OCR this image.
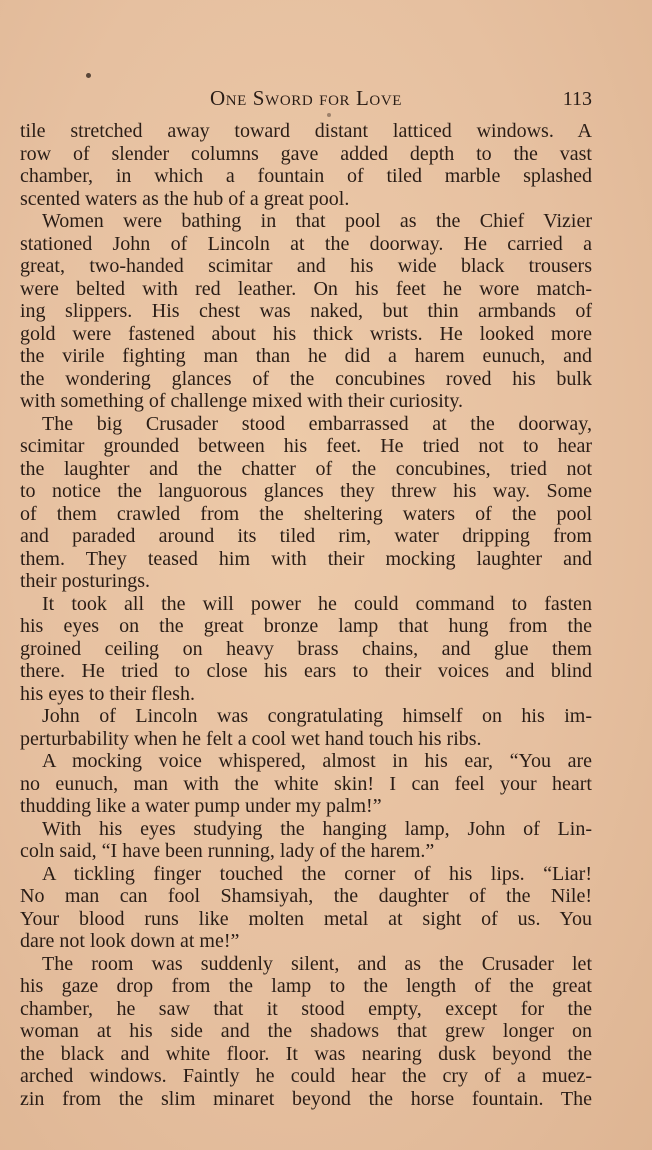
One Sword for Love	113
tile stretched away toward distant latticed windows. A
row of slender columns gave added depth to the vast
chamber, in which a fountain of tiled marble splashed
scented waters as the hub of a great pool.
Women were bathing in that pool as the Chief Vizier
stationed John of Lincoln at the doorway. He carried a
great, two-handed scimitar and his wide black trousers
were belted with red leather. On his feet he wore match-
ing slippers. His chest was naked, but thin armbands of
gold were fastened about his thick wrists. He looked more
the virile fighting man than he did a harem eunuch, and
the wondering glances of the concubines roved his bulk
with something of challenge mixed with their curiosity.
The big Crusader stood embarrassed at the doorway,
scimitar grounded between his feet. He tried not to hear
the laughter and the chatter of the concubines, tried not
to notice the languorous glances they threw his way. Some
of them crawled from the sheltering waters of the pool
and paraded around its tiled rim, water dripping from
them. They teased him with their mocking laughter and
their posturings.
It took all the will power he could command to fasten
his eyes on the great bronze lamp that hung from the
groined ceiling on heavy brass chains, and glue them
there. He tried to close his ears to their voices and blind
his eyes to their flesh.
John of Lincoln was congratulating himself on his im-
perturbability when he felt a cool wet hand touch his ribs.
A mocking voice whispered, almost in his ear, “You are
no eunuch, man with the white skin! I can feel your heart
thudding like a water pump under my palm!”
With his eyes studying the hanging lamp, John of Lin-
coln said, “I have been running, lady of the harem.”
A tickling finger touched the corner of his lips. “Liar!
No man can fool Shamsiyah, the daughter of the Nile!
Your blood runs like molten metal at sight of us. You
dare not look down at me!”
The room was suddenly silent, and as the Crusader let
his gaze drop from the lamp to the length of the great
chamber, he saw that it stood empty, except for the
woman at his side and the shadows that grew longer on
the black and white floor. It was nearing dusk beyond the
arched windows. Faintly he could hear the cry of a muez-
zin from the slim minaret beyond the horse fountain. The
